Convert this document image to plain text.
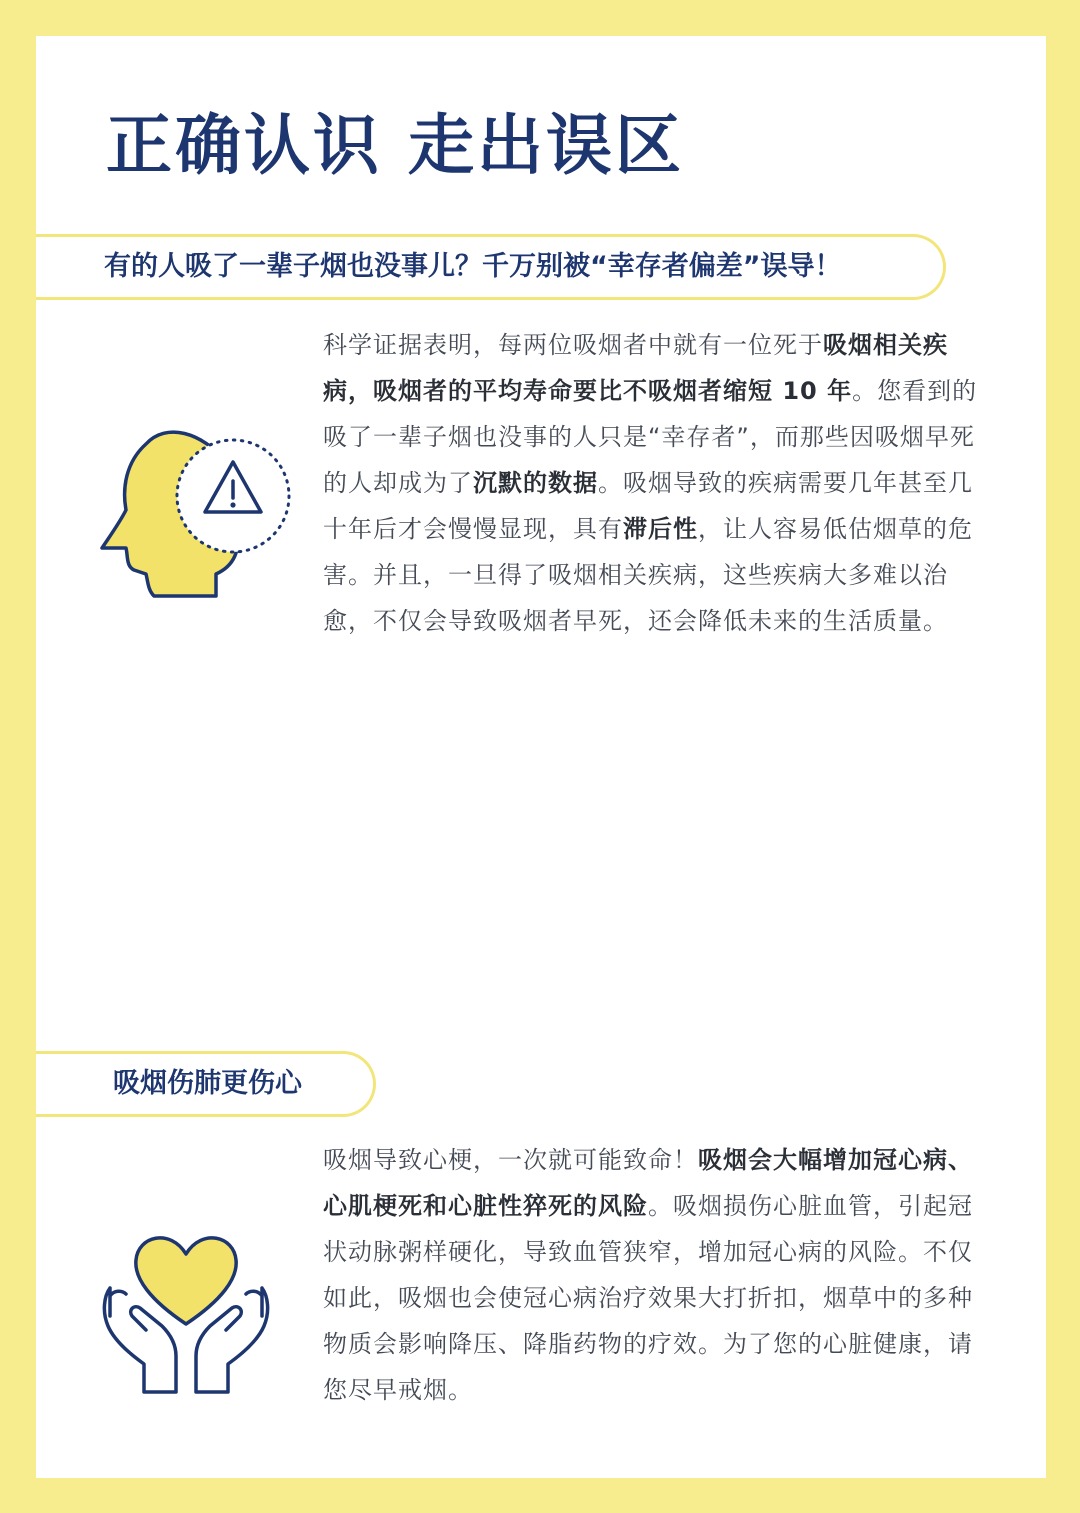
正确认识 走出误区
有的人吸了一辈子烟也没事儿？千万别被“幸存者偏差”误导！

科学证据表明，每两位吸烟者中就有一位死于吸烟相关疾病，吸烟者的平均寿命要比不吸烟者缩短 10 年。您看到的吸了一辈子烟也没事的人只是“幸存者”，而那些因吸烟早死的人却成为了沉默的数据。吸烟导致的疾病需要几年甚至几十年后才会慢慢显现，具有滞后性，让人容易低估烟草的危害。并且，一旦得了吸烟相关疾病，这些疾病大多难以治愈，不仅会导致吸烟者早死，还会降低未来的生活质量。

吸烟伤肺更伤心

吸烟导致心梗，一次就可能致命！吸烟会大幅增加冠心病、心肌梗死和心脏性猝死的风险。吸烟损伤心脏血管，引起冠状动脉粥样硬化，导致血管狭窄，增加冠心病的风险。不仅如此，吸烟也会使冠心病治疗效果大打折扣，烟草中的多种物质会影响降压、降脂药物的疗效。为了您的心脏健康，请您尽早戒烟。
